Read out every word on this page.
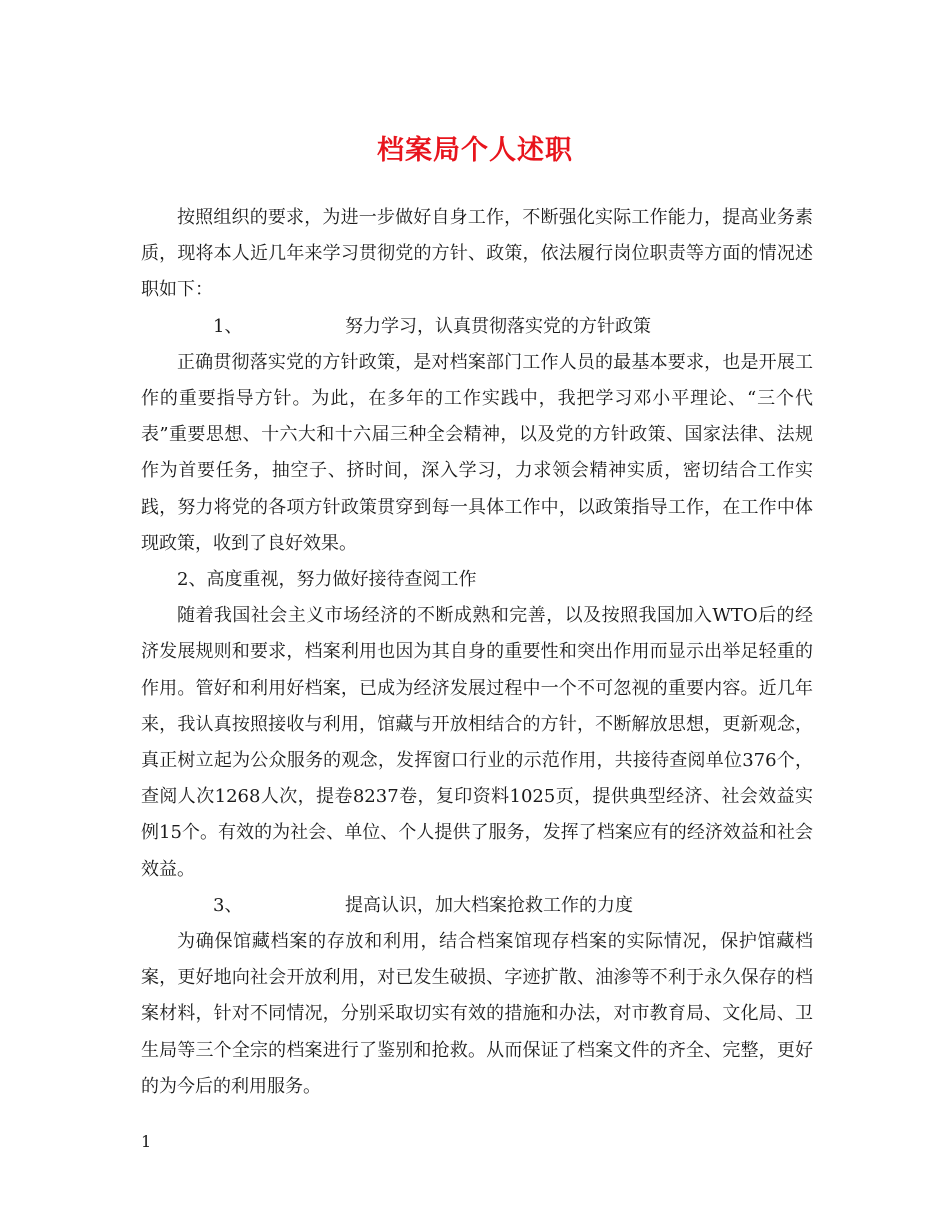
档案局个人述职

按照组织的要求，为进一步做好自身工作，不断强化实际工作能力，提高业务素质，现将本人近几年来学习贯彻党的方针、政策，依法履行岗位职责等方面的情况述职如下：

1、	努力学习，认真贯彻落实党的方针政策

正确贯彻落实党的方针政策，是对档案部门工作人员的最基本要求，也是开展工作的重要指导方针。为此，在多年的工作实践中，我把学习邓小平理论、“三个代表”重要思想、十六大和十六届三种全会精神，以及党的方针政策、国家法律、法规作为首要任务，抽空子、挤时间，深入学习，力求领会精神实质，密切结合工作实践，努力将党的各项方针政策贯穿到每一具体工作中，以政策指导工作，在工作中体现政策，收到了良好效果。

2、高度重视，努力做好接待查阅工作

随着我国社会主义市场经济的不断成熟和完善，以及按照我国加入WTO后的经济发展规则和要求，档案利用也因为其自身的重要性和突出作用而显示出举足轻重的作用。管好和利用好档案，已成为经济发展过程中一个不可忽视的重要内容。近几年来，我认真按照接收与利用，馆藏与开放相结合的方针，不断解放思想，更新观念，真正树立起为公众服务的观念，发挥窗口行业的示范作用，共接待查阅单位376个，查阅人次1268人次，提卷8237卷，复印资料1025页，提供典型经济、社会效益实例15个。有效的为社会、单位、个人提供了服务，发挥了档案应有的经济效益和社会效益。

3、	提高认识，加大档案抢救工作的力度

为确保馆藏档案的存放和利用，结合档案馆现存档案的实际情况，保护馆藏档案，更好地向社会开放利用，对已发生破损、字迹扩散、油渗等不利于永久保存的档案材料，针对不同情况，分别采取切实有效的措施和办法，对市教育局、文化局、卫生局等三个全宗的档案进行了鉴别和抢救。从而保证了档案文件的齐全、完整，更好的为今后的利用服务。

1
